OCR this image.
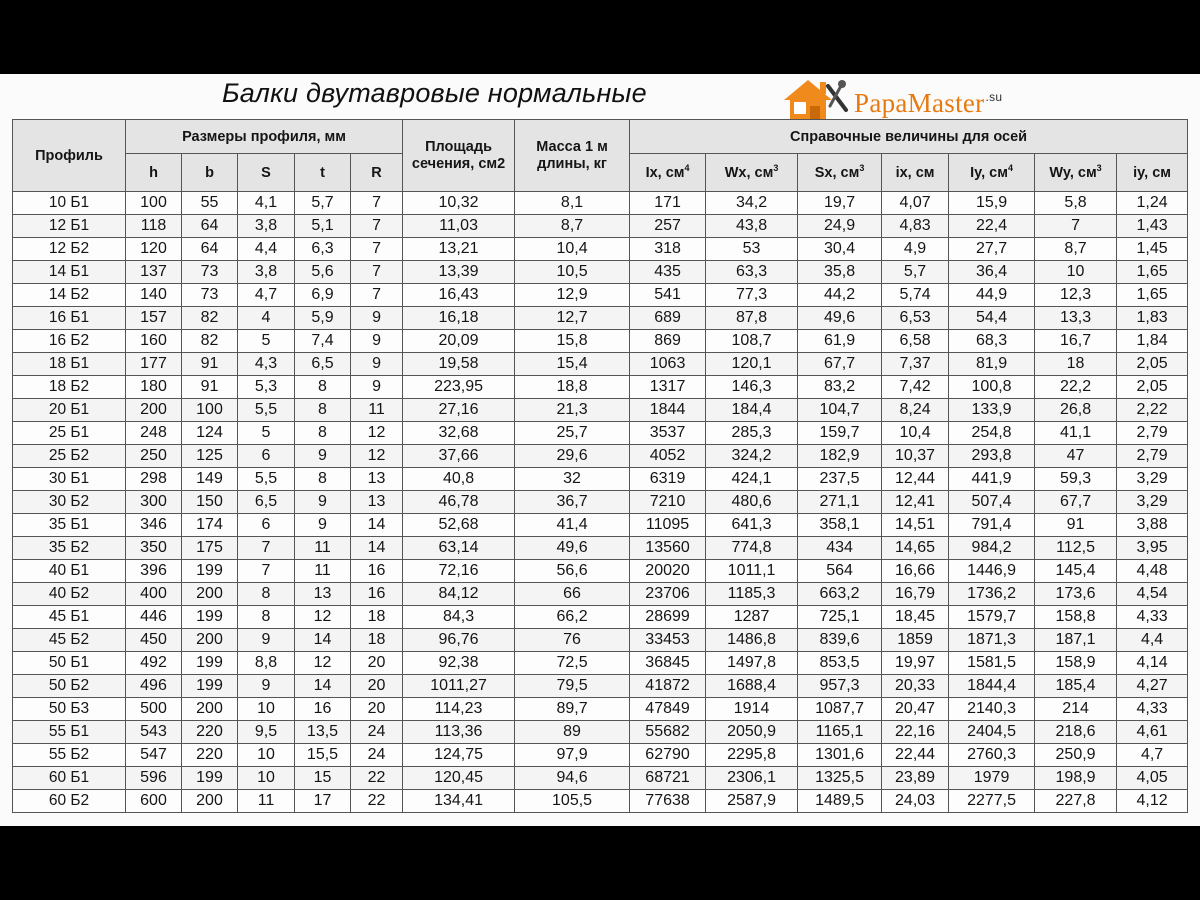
Балки двутавровые нормальные	PapaMaster$^{.su}$
Профиль	Размеры профиля, мм					Площадь сечения, см2	Масса 1 м длины, кг	Справочные величины для осей						
	h	b	S	t	R			Ix, $см^4$	Wx, $см^3$	Sx, $см^3$	ix, см	Iy, $см^4$	Wy, $см^3$	iy, см
10 Б1	100	55	4,1	5,7	7	10,32	8,1	171	34,2	19,7	4,07	15,9	5,8	1,24
12 Б1	118	64	3,8	5,1	7	11,03	8,7	257	43,8	24,9	4,83	22,4	7	1,43
12 Б2	120	64	4,4	6,3	7	13,21	10,4	318	53	30,4	4,9	27,7	8,7	1,45
14 Б1	137	73	3,8	5,6	7	13,39	10,5	435	63,3	35,8	5,7	36,4	10	1,65
14 Б2	140	73	4,7	6,9	7	16,43	12,9	541	77,3	44,2	5,74	44,9	12,3	1,65
16 Б1	157	82	4	5,9	9	16,18	12,7	689	87,8	49,6	6,53	54,4	13,3	1,83
16 Б2	160	82	5	7,4	9	20,09	15,8	869	108,7	61,9	6,58	68,3	16,7	1,84
18 Б1	177	91	4,3	6,5	9	19,58	15,4	1063	120,1	67,7	7,37	81,9	18	2,05
18 Б2	180	91	5,3	8	9	223,95	18,8	1317	146,3	83,2	7,42	100,8	22,2	2,05
20 Б1	200	100	5,5	8	11	27,16	21,3	1844	184,4	104,7	8,24	133,9	26,8	2,22
25 Б1	248	124	5	8	12	32,68	25,7	3537	285,3	159,7	10,4	254,8	41,1	2,79
25 Б2	250	125	6	9	12	37,66	29,6	4052	324,2	182,9	10,37	293,8	47	2,79
30 Б1	298	149	5,5	8	13	40,8	32	6319	424,1	237,5	12,44	441,9	59,3	3,29
30 Б2	300	150	6,5	9	13	46,78	36,7	7210	480,6	271,1	12,41	507,4	67,7	3,29
35 Б1	346	174	6	9	14	52,68	41,4	11095	641,3	358,1	14,51	791,4	91	3,88
35 Б2	350	175	7	11	14	63,14	49,6	13560	774,8	434	14,65	984,2	112,5	3,95
40 Б1	396	199	7	11	16	72,16	56,6	20020	1011,1	564	16,66	1446,9	145,4	4,48
40 Б2	400	200	8	13	16	84,12	66	23706	1185,3	663,2	16,79	1736,2	173,6	4,54
45 Б1	446	199	8	12	18	84,3	66,2	28699	1287	725,1	18,45	1579,7	158,8	4,33
45 Б2	450	200	9	14	18	96,76	76	33453	1486,8	839,6	1859	1871,3	187,1	4,4
50 Б1	492	199	8,8	12	20	92,38	72,5	36845	1497,8	853,5	19,97	1581,5	158,9	4,14
50 Б2	496	199	9	14	20	1011,27	79,5	41872	1688,4	957,3	20,33	1844,4	185,4	4,27
50 Б3	500	200	10	16	20	114,23	89,7	47849	1914	1087,7	20,47	2140,3	214	4,33
55 Б1	543	220	9,5	13,5	24	113,36	89	55682	2050,9	1165,1	22,16	2404,5	218,6	4,61
55 Б2	547	220	10	15,5	24	124,75	97,9	62790	2295,8	1301,6	22,44	2760,3	250,9	4,7
60 Б1	596	199	10	15	22	120,45	94,6	68721	2306,1	1325,5	23,89	1979	198,9	4,05
60 Б2	600	200	11	17	22	134,41	105,5	77638	2587,9	1489,5	24,03	2277,5	227,8	4,12
